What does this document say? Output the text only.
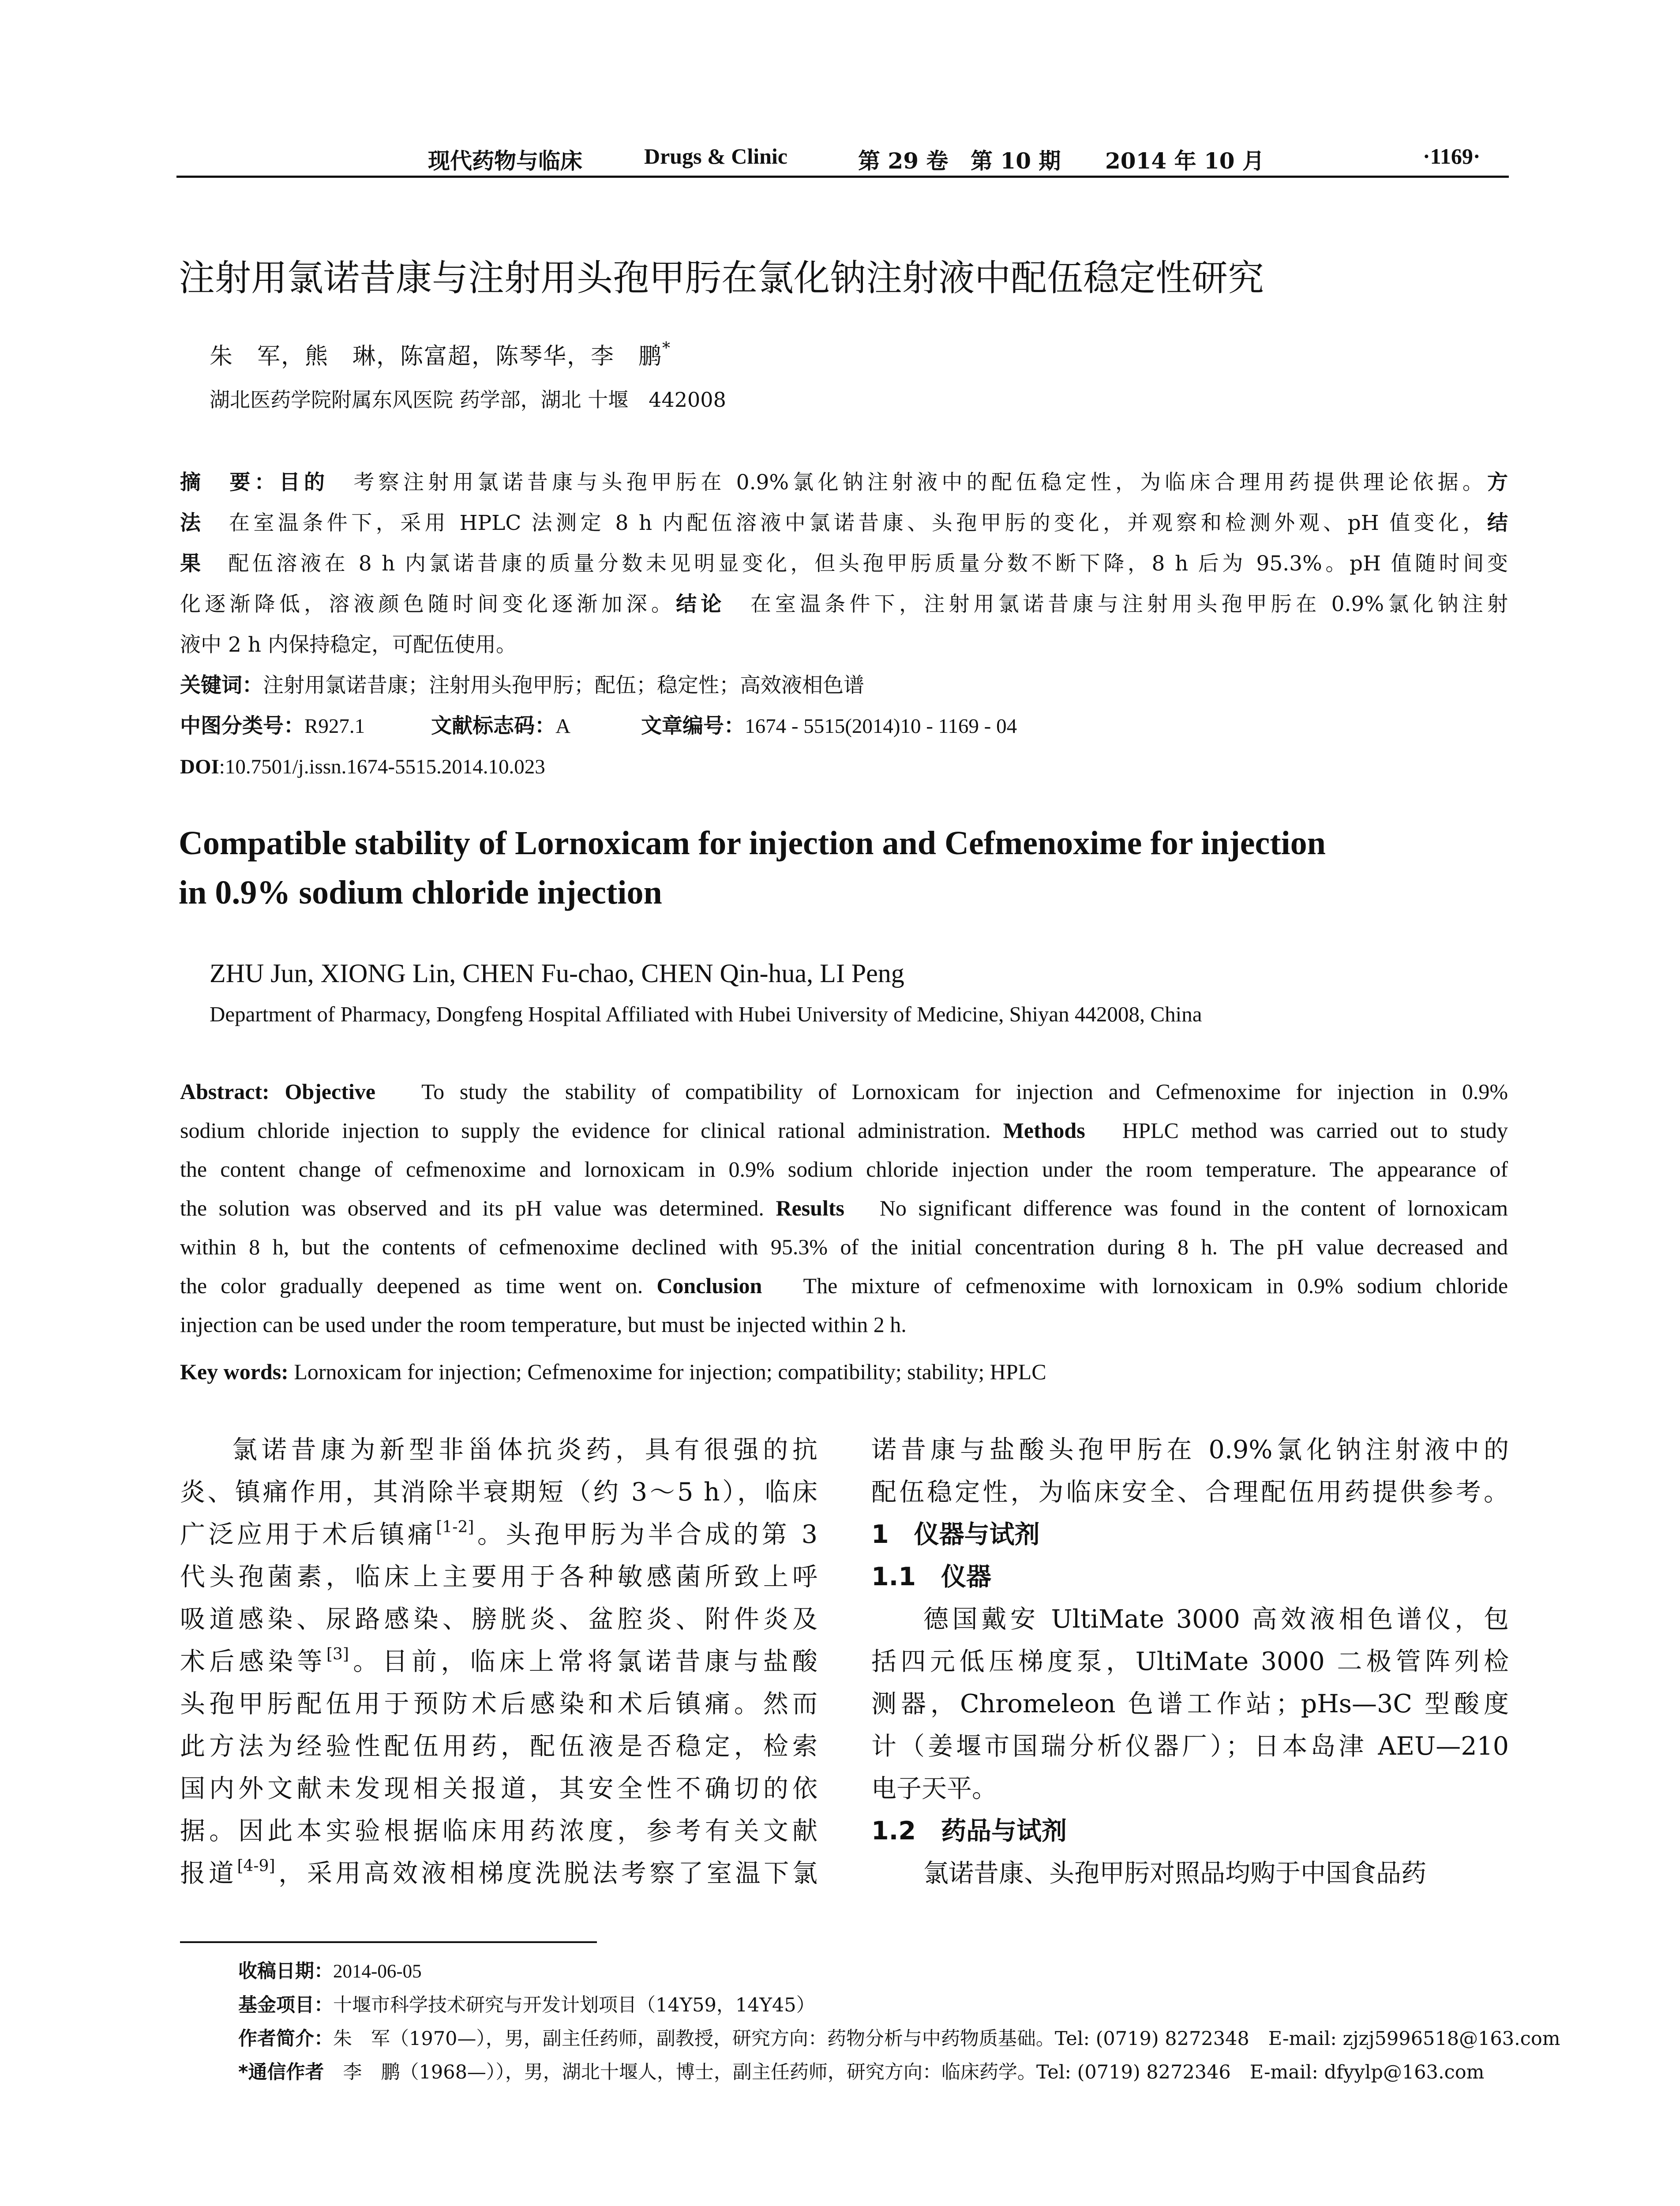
现代药物与临床	Drugs & Clinic	第 29 卷 第 10 期 2014 年 10 月	·1169·
注射用氯诺昔康与注射用头孢甲肟在氯化钠注射液中配伍稳定性研究
朱　军，熊　琳，陈富超，陈琴华，李　鹏*
湖北医药学院附属东风医院 药学部，湖北 十堰　442008
摘　要：目的　考察注射用氯诺昔康与头孢甲肟在 0.9%氯化钠注射液中的配伍稳定性，为临床合理用药提供理论依据。方
法　在室温条件下，采用 HPLC 法测定 8 h 内配伍溶液中氯诺昔康、头孢甲肟的变化，并观察和检测外观、pH 值变化，结
果　配伍溶液在 8 h 内氯诺昔康的质量分数未见明显变化，但头孢甲肟质量分数不断下降，8 h 后为 95.3%。pH 值随时间变
化逐渐降低，溶液颜色随时间变化逐渐加深。结论　在室温条件下，注射用氯诺昔康与注射用头孢甲肟在 0.9%氯化钠注射
液中 2 h 内保持稳定，可配伍使用。
关键词：注射用氯诺昔康；注射用头孢甲肟；配伍；稳定性；高效液相色谱
中图分类号：R927.1	文献标志码：A	文章编号：1674 - 5515(2014)10 - 1169 - 04
DOI:10.7501/j.issn.1674-5515.2014.10.023
Compatible stability of Lornoxicam for injection and Cefmenoxime for injection
in 0.9% sodium chloride injection
ZHU Jun, XIONG Lin, CHEN Fu-chao, CHEN Qin-hua, LI Peng
Department of Pharmacy, Dongfeng Hospital Affiliated with Hubei University of Medicine, Shiyan 442008, China
Abstract: Objective To study the stability of compatibility of Lornoxicam for injection and Cefmenoxime for injection in 0.9%
sodium chloride injection to supply the evidence for clinical rational administration. Methods HPLC method was carried out to study
the content change of cefmenoxime and lornoxicam in 0.9% sodium chloride injection under the room temperature. The appearance of
the solution was observed and its pH value was determined. Results No significant difference was found in the content of lornoxicam
within 8 h, but the contents of cefmenoxime declined with 95.3% of the initial concentration during 8 h. The pH value decreased and
the color gradually deepened as time went on. Conclusion The mixture of cefmenoxime with lornoxicam in 0.9% sodium chloride
injection can be used under the room temperature, but must be injected within 2 h.
Key words: Lornoxicam for injection; Cefmenoxime for injection; compatibility; stability; HPLC
氯诺昔康为新型非甾体抗炎药，具有很强的抗
炎、镇痛作用，其消除半衰期短（约 3～5 h），临床
广泛应用于术后镇痛[1-2]。头孢甲肟为半合成的第 3
代头孢菌素，临床上主要用于各种敏感菌所致上呼
吸道感染、尿路感染、膀胱炎、盆腔炎、附件炎及
术后感染等[3]。目前，临床上常将氯诺昔康与盐酸
头孢甲肟配伍用于预防术后感染和术后镇痛。然而
此方法为经验性配伍用药，配伍液是否稳定，检索
国内外文献未发现相关报道，其安全性不确切的依
据。因此本实验根据临床用药浓度，参考有关文献
报道[4-9]，采用高效液相梯度洗脱法考察了室温下氯
诺昔康与盐酸头孢甲肟在 0.9%氯化钠注射液中的
配伍稳定性，为临床安全、合理配伍用药提供参考。
1　仪器与试剂
1.1　仪器
德国戴安 UltiMate 3000 高效液相色谱仪，包
括四元低压梯度泵，UltiMate 3000 二极管阵列检
测器，Chromeleon 色谱工作站；pHs—3C 型酸度
计（姜堰市国瑞分析仪器厂）；日本岛津 AEU—210
电子天平。
1.2　药品与试剂
氯诺昔康、头孢甲肟对照品均购于中国食品药
收稿日期：2014-06-05
基金项目：十堰市科学技术研究与开发计划项目（14Y59，14Y45）
作者简介：朱　军（1970—），男，副主任药师，副教授，研究方向：药物分析与中药物质基础。Tel: (0719) 8272348　E-mail: zjzj5996518@163.com
*通信作者　李　鹏（1968—）），男，湖北十堰人，博士，副主任药师，研究方向：临床药学。Tel: (0719) 8272346　E-mail: dfyylp@163.com
